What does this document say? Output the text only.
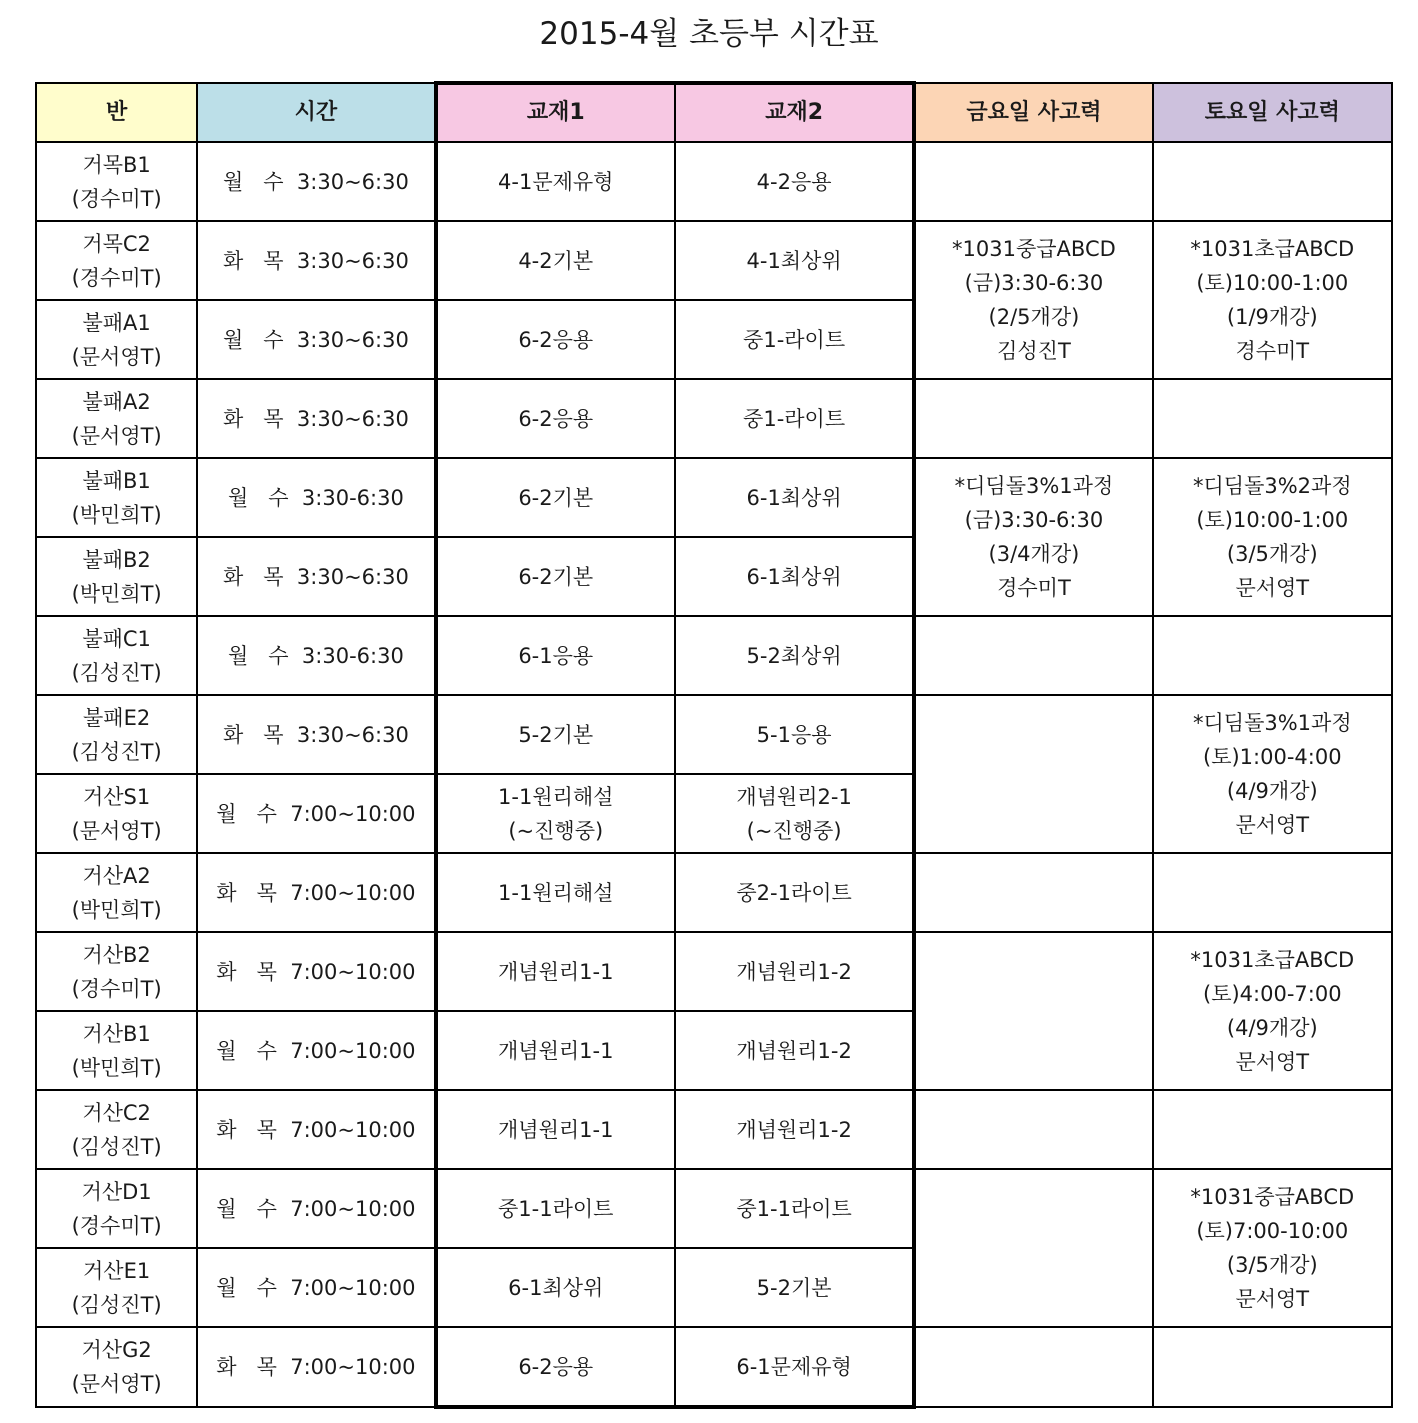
2015-4월 초등부 시간표
반	시간	교재1	교재2	금요일 사고력	토요일 사고력

거목B1
(경수미T)	월   수  3:30~6:30	4-1문제유형	4-2응용		

거목C2
(경수미T)	화   목  3:30~6:30	4-2기본	4-1최상위	*1031중급ABCD
(금)3:30-6:30
(2/5개강)
김성진T	*1031초급ABCD
(토)10:00-1:00
(1/9개강)
경수미T

불패A1
(문서영T)	월   수  3:30~6:30	6-2응용	중1-라이트		

불패A2
(문서영T)	화   목  3:30~6:30	6-2응용	중1-라이트		

불패B1
(박민희T)	월   수  3:30-6:30	6-2기본	6-1최상위	*디딤돌3%1과정
(금)3:30-6:30
(3/4개강)
경수미T	*디딤돌3%2과정
(토)10:00-1:00
(3/5개강)
문서영T

불패B2
(박민희T)	화   목  3:30~6:30	6-2기본	6-1최상위		

불패C1
(김성진T)	월   수  3:30-6:30	6-1응용	5-2최상위		

불패E2
(김성진T)	화   목  3:30~6:30	5-2기본	5-1응용		*디딤돌3%1과정
(토)1:00-4:00
(4/9개강)
문서영T

거산S1
(문서영T)	월   수  7:00~10:00	1-1원리해설
(~진행중)	개념원리2-1
(~진행중)		

거산A2
(박민희T)	화   목  7:00~10:00	1-1원리해설	중2-1라이트		

거산B2
(경수미T)	화   목  7:00~10:00	개념원리1-1	개념원리1-2		*1031초급ABCD
(토)4:00-7:00
(4/9개강)
문서영T

거산B1
(박민희T)	월   수  7:00~10:00	개념원리1-1	개념원리1-2		

거산C2
(김성진T)	화   목  7:00~10:00	개념원리1-1	개념원리1-2		

거산D1
(경수미T)	월   수  7:00~10:00	중1-1라이트	중1-1라이트		*1031중급ABCD
(토)7:00-10:00
(3/5개강)
문서영T

거산E1
(김성진T)	월   수  7:00~10:00	6-1최상위	5-2기본		

거산G2
(문서영T)	화   목  7:00~10:00	6-2응용	6-1문제유형		
